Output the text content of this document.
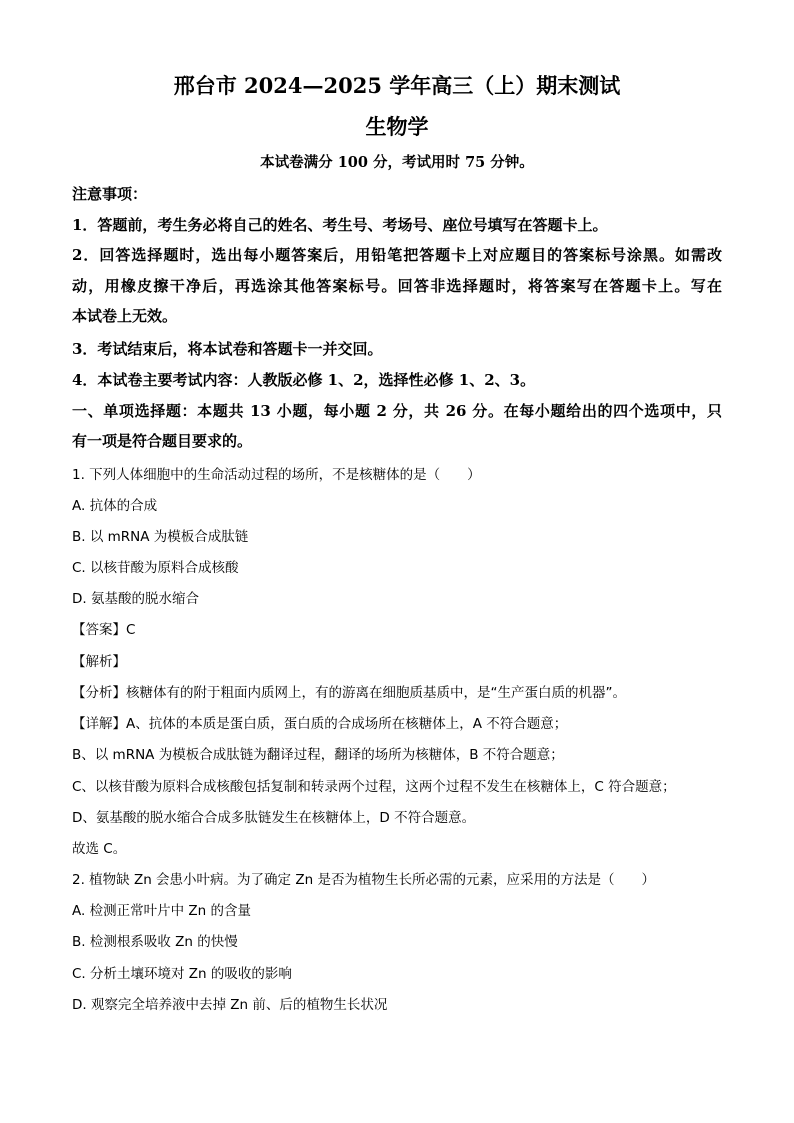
邢台市 2024—2025 学年高三（上）期末测试
生物学
本试卷满分 100 分，考试用时 75 分钟。
注意事项：
1．答题前，考生务必将自己的姓名、考生号、考场号、座位号填写在答题卡上。
2．回答选择题时，选出每小题答案后，用铅笔把答题卡上对应题目的答案标号涂黑。如需改
动，用橡皮擦干净后，再选涂其他答案标号。回答非选择题时，将答案写在答题卡上。写在
本试卷上无效。
3．考试结束后，将本试卷和答题卡一并交回。
4．本试卷主要考试内容：人教版必修 1、2，选择性必修 1、2、3。
一、单项选择题：本题共 13 小题，每小题 2 分，共 26 分。在每小题给出的四个选项中，只
有一项是符合题目要求的。
1. 下列人体细胞中的生命活动过程的场所，不是核糖体的是（　　）
A. 抗体的合成
B. 以 mRNA 为模板合成肽链
C. 以核苷酸为原料合成核酸
D. 氨基酸的脱水缩合
【答案】C
【解析】
【分析】核糖体有的附于粗面内质网上，有的游离在细胞质基质中，是“生产蛋白质的机器”。
【详解】A、抗体的本质是蛋白质，蛋白质的合成场所在核糖体上，A 不符合题意；
B、以 mRNA 为模板合成肽链为翻译过程，翻译的场所为核糖体，B 不符合题意；
C、以核苷酸为原料合成核酸包括复制和转录两个过程，这两个过程不发生在核糖体上，C 符合题意；
D、氨基酸的脱水缩合合成多肽链发生在核糖体上，D 不符合题意。
故选 C。
2. 植物缺 Zn 会患小叶病。为了确定 Zn 是否为植物生长所必需的元素，应采用的方法是（　　）
A. 检测正常叶片中 Zn 的含量
B. 检测根系吸收 Zn 的快慢
C. 分析土壤环境对 Zn 的吸收的影响
D. 观察完全培养液中去掉 Zn 前、后的植物生长状况
